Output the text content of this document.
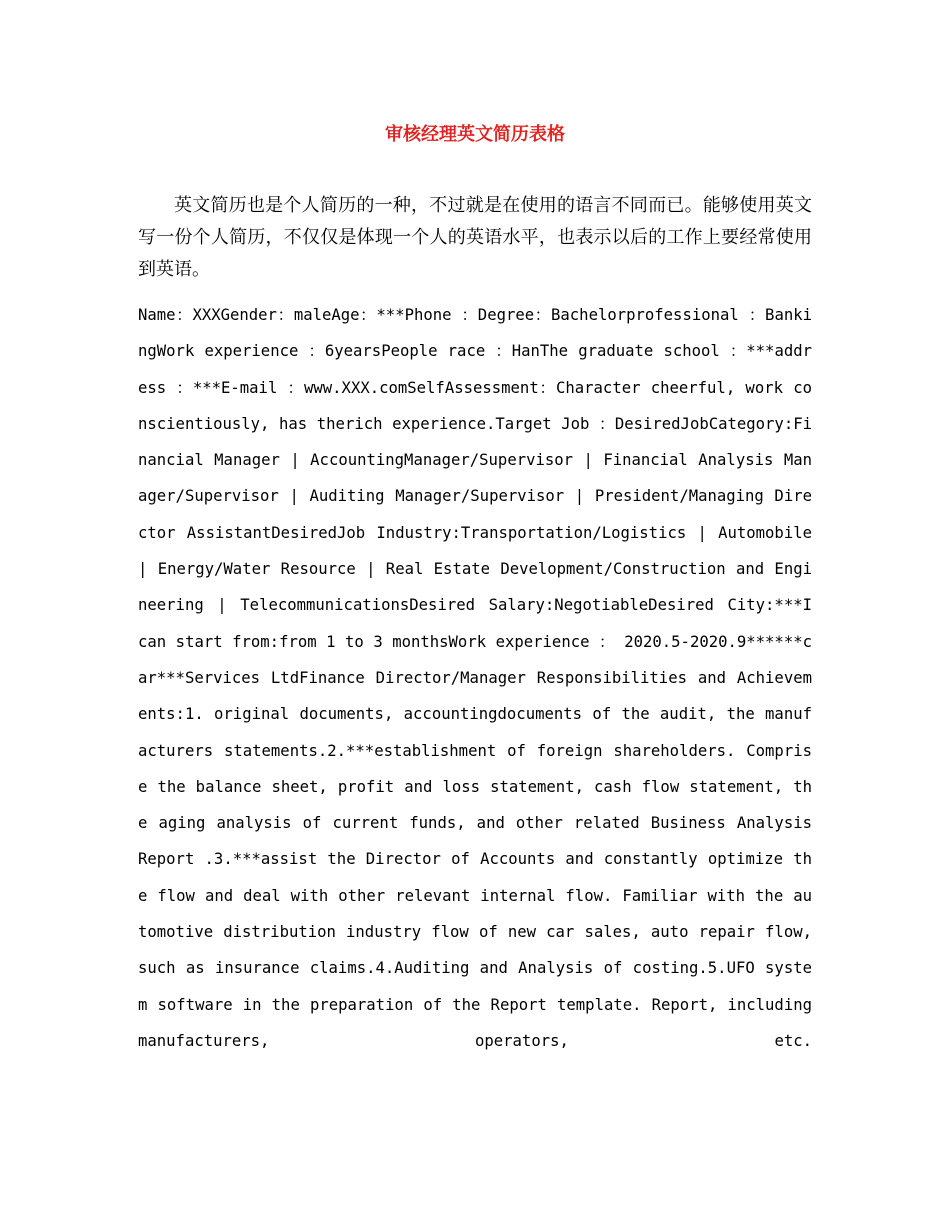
审核经理英文简历表格

英文简历也是个人简历的一种，不过就是在使用的语言不同而已。能够使用英文写一份个人简历，不仅仅是体现一个人的英语水平，也表示以后的工作上要经常使用到英语。

Name：XXXGender：maleAge：***Phone ：Degree：Bachelorprofessional ：BankingWork experience ：6yearsPeople race ：HanThe graduate school ：***address ：***E-mail ：www.XXX.comSelfAssessment：Character cheerful, work conscientiously, has therich experience.Target Job ：DesiredJobCategory:Financial Manager | AccountingManager/Supervisor | Financial Analysis Manager/Supervisor | Auditing Manager/Supervisor | President/Managing Director AssistantDesiredJob Industry:Transportation/Logistics | Automobile | Energy/Water Resource | Real Estate Development/Construction and Engineering | TelecommunicationsDesired Salary:NegotiableDesired City:***I can start from:from 1 to 3 monthsWork experience ： 2020.5-2020.9******car***Services LtdFinance Director/Manager Responsibilities and Achievements:1. original documents, accountingdocuments of the audit, the manufacturers statements.2.***establishment of foreign shareholders. Comprise the balance sheet, profit and loss statement, cash flow statement, the aging analysis of current funds, and other related Business Analysis Report .3.***assist the Director of Accounts and constantly optimize the flow and deal with other relevant internal flow. Familiar with the automotive distribution industry flow of new car sales, auto repair flow, such as insurance claims.4.Auditing and Analysis of costing.5.UFO system software in the preparation of the Report template. Report, including manufacturers, operators, etc.
